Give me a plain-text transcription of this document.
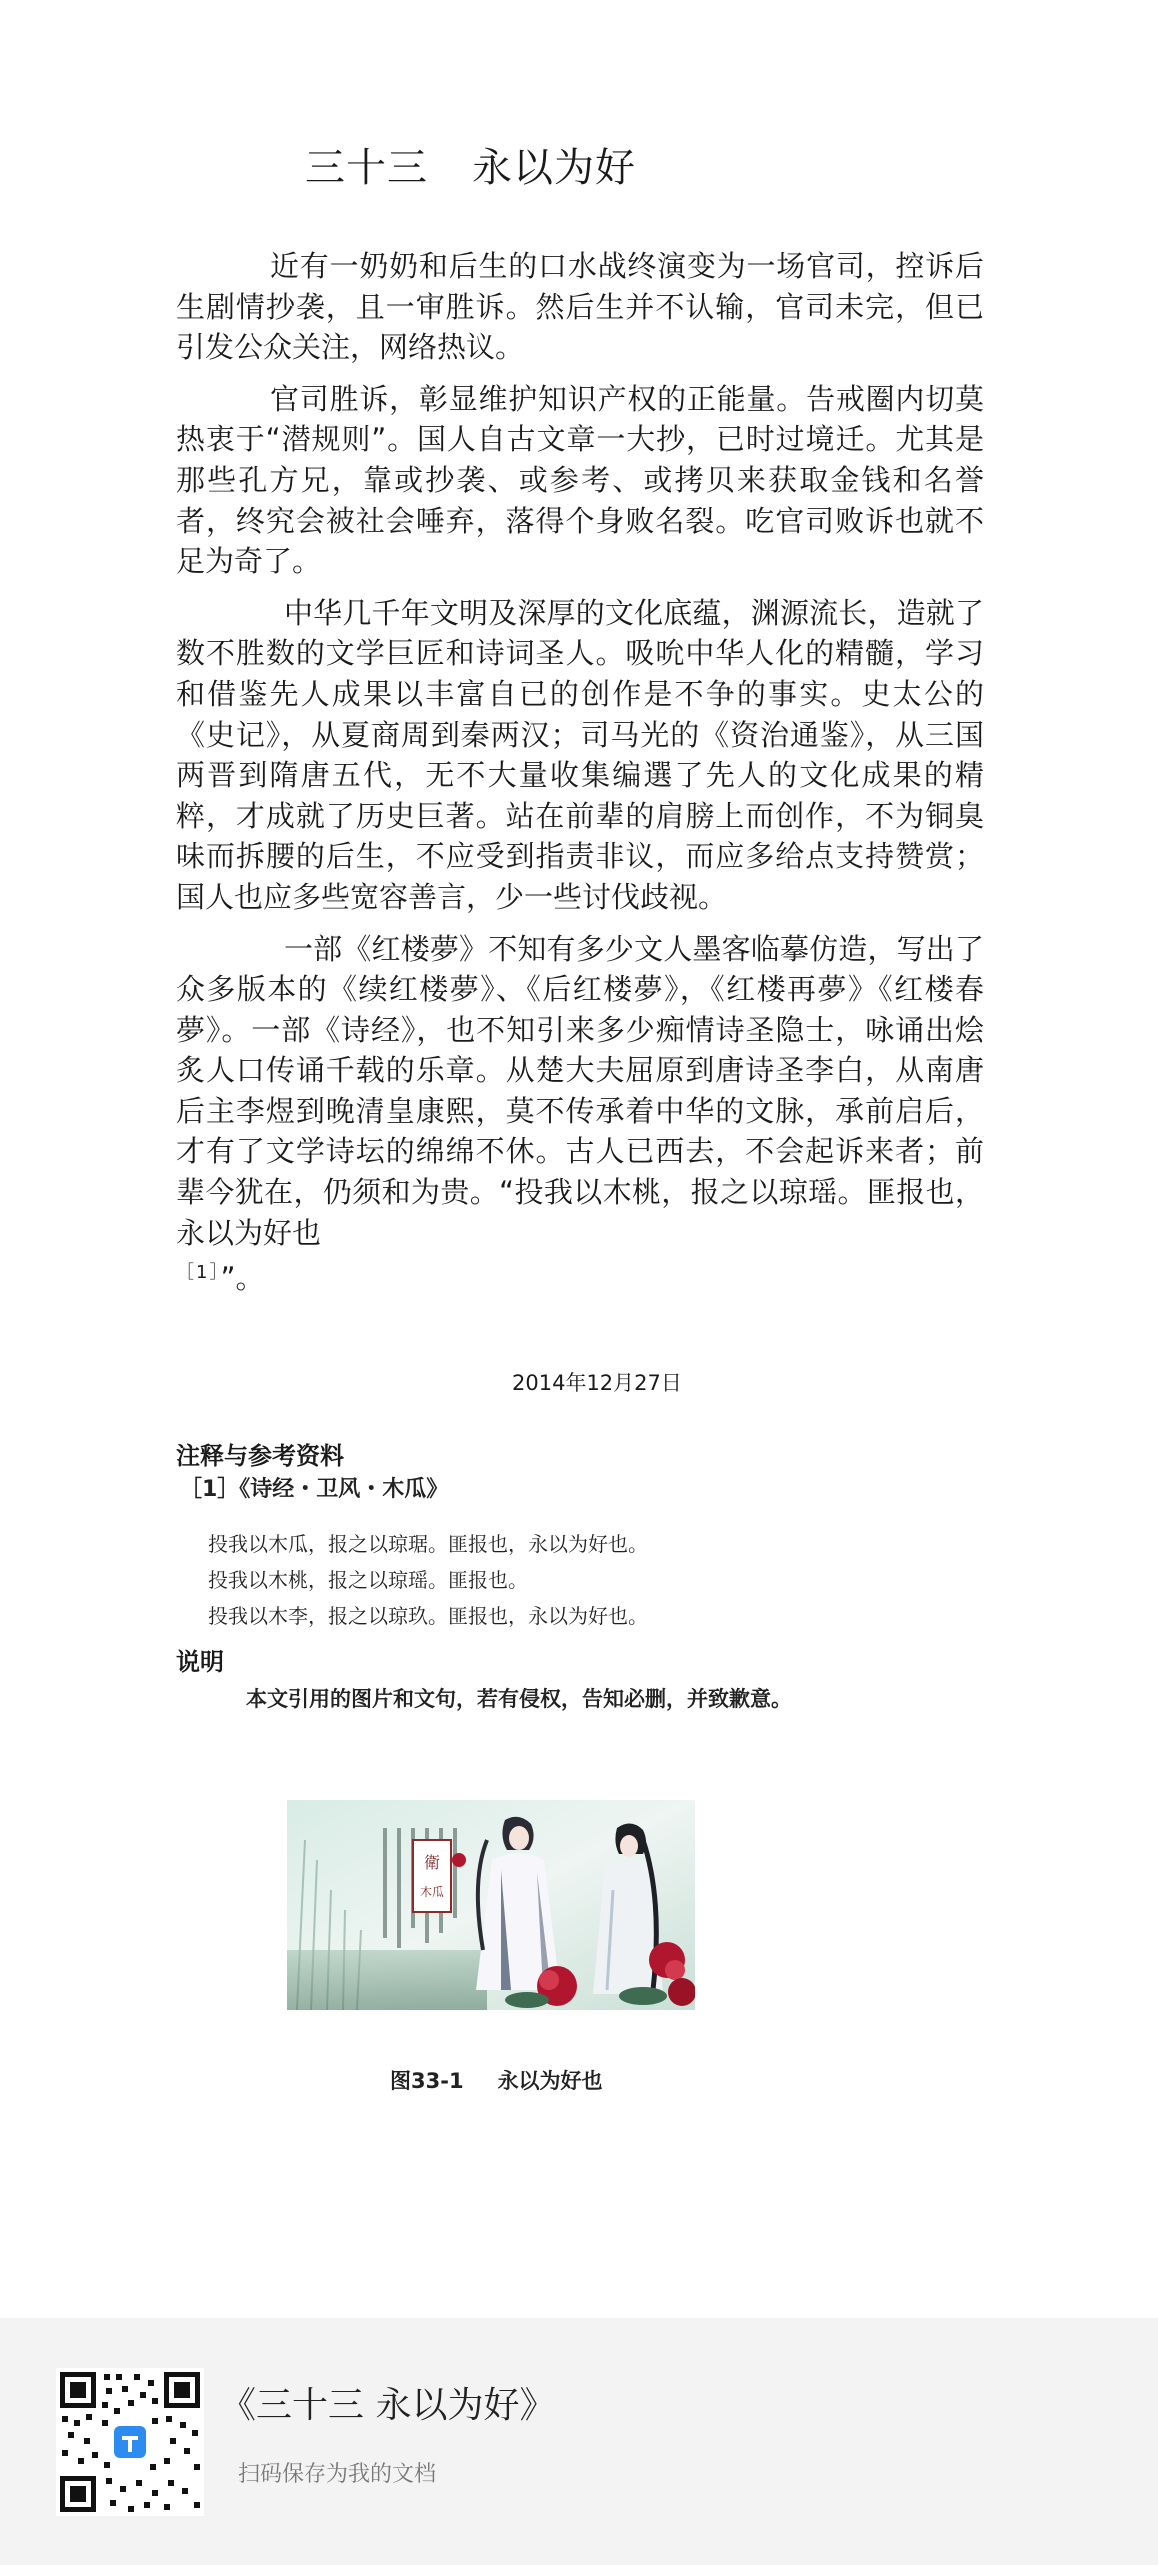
三十三 永以为好

近有一奶奶和后生的口水战终演变为一场官司，控诉后生剧情抄袭，且一审胜诉。然后生并不认输，官司未完，但已引发公众关注，网络热议。

官司胜诉，彰显维护知识产权的正能量。告戒圈内切莫热衷于“潜规则”。国人自古文章一大抄，已时过境迁。尤其是那些孔方兄，靠或抄袭、或参考、或拷贝来获取金钱和名誉者，终究会被社会唾弃，落得个身败名裂。吃官司败诉也就不足为奇了。

中华几千年文明及深厚的文化底蕴，渊源流长，造就了数不胜数的文学巨匠和诗词圣人。吸吮中华人化的精髓，学习和借鉴先人成果以丰富自已的创作是不争的事实。史太公的《史记》，从夏商周到秦两汉；司马光的《资治通鉴》，从三国两晋到隋唐五代，无不大量收集编選了先人的文化成果的精粹，才成就了历史巨著。站在前辈的肩膀上而创作，不为铜臭味而拆腰的后生，不应受到指责非议，而应多给点支持赞赏；国人也应多些宽容善言，少一些讨伐歧视。

一部《红楼夢》不知有多少文人墨客临摹仿造，写出了众多版本的《续红楼夢》、《后红楼夢》，《红楼再夢》《红楼春夢》。一部《诗经》，也不知引来多少痴情诗圣隐士，咏诵出烩炙人口传诵千载的乐章。从楚大夫屈原到唐诗圣李白，从南唐后主李煜到晚清皇康熙，莫不传承着中华的文脉，承前启后，才有了文学诗坛的绵绵不休。古人已西去，不会起诉来者；前辈今犹在，仍须和为贵。“投我以木桃，报之以琼瑶。匪报也，永以为好也
$^{[1]}$”。

2014年12月27日
注释与参考资料
［1］《诗经・卫风・木瓜》
投我以木瓜，报之以琼琚。匪报也，永以为好也。
投我以木桃，报之以琼瑶。匪报也。
投我以木李，报之以琼玖。匪报也，永以为好也。
说明
本文引用的图片和文句，若有侵权，告知必删，并致歉意。
衛
木瓜
图33-1 永以为好也
《三十三 永以为好》
扫码保存为我的文档
